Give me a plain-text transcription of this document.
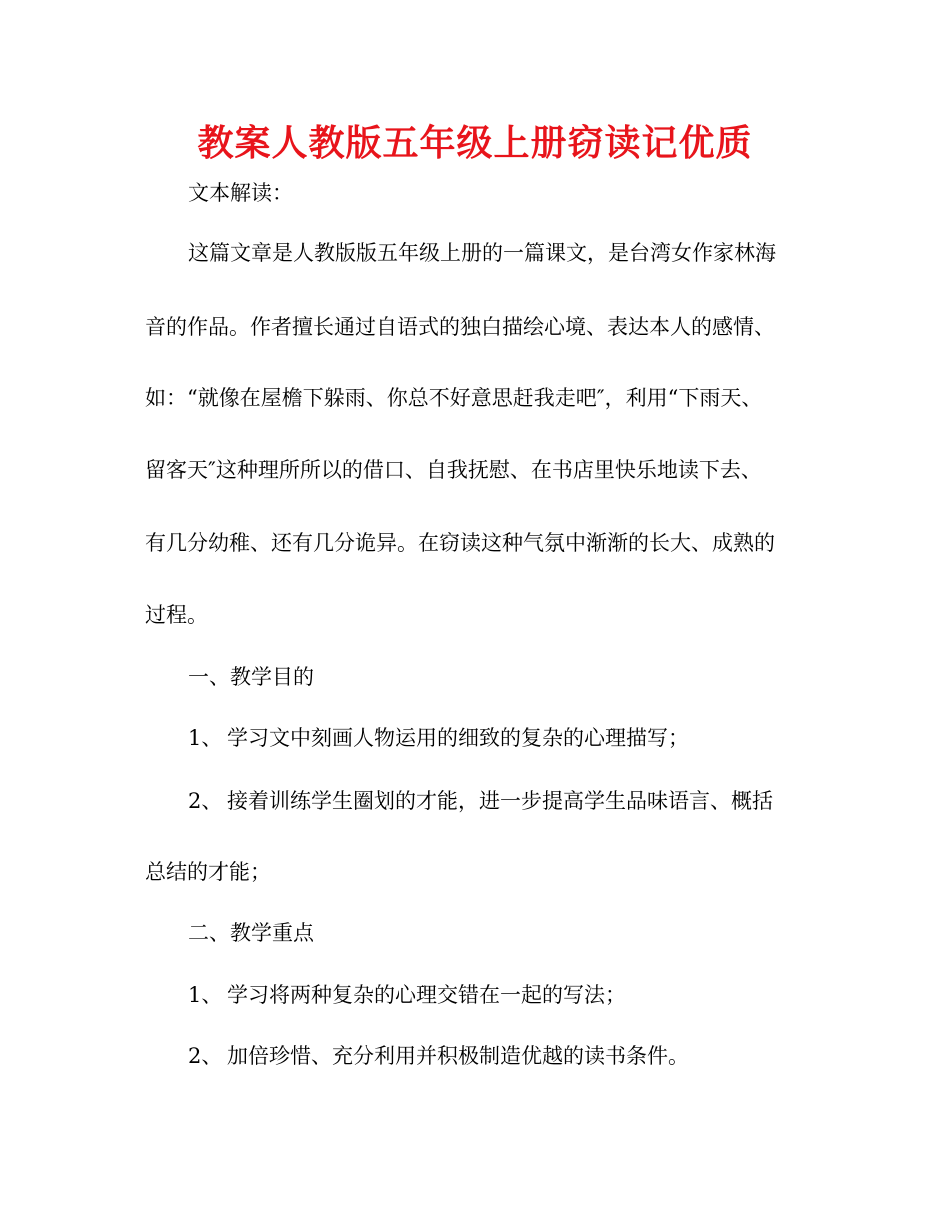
教案人教版五年级上册窃读记优质
文本解读：
这篇文章是人教版版五年级上册的一篇课文，是台湾女作家林海
音的作品。作者擅长通过自语式的独白描绘心境、表达本人的感情、
如：“就像在屋檐下躲雨、你总不好意思赶我走吧″，利用“下雨天、
留客天″这种理所所以的借口、自我抚慰、在书店里快乐地读下去、
有几分幼稚、还有几分诡异。在窃读这种气氛中渐渐的长大、成熟的
过程。
一、教学目的
1、 学习文中刻画人物运用的细致的复杂的心理描写；
2、 接着训练学生圈划的才能，进一步提高学生品味语言、概括
总结的才能；
二、教学重点
1、 学习将两种复杂的心理交错在一起的写法；
2、 加倍珍惜、充分利用并积极制造优越的读书条件。
